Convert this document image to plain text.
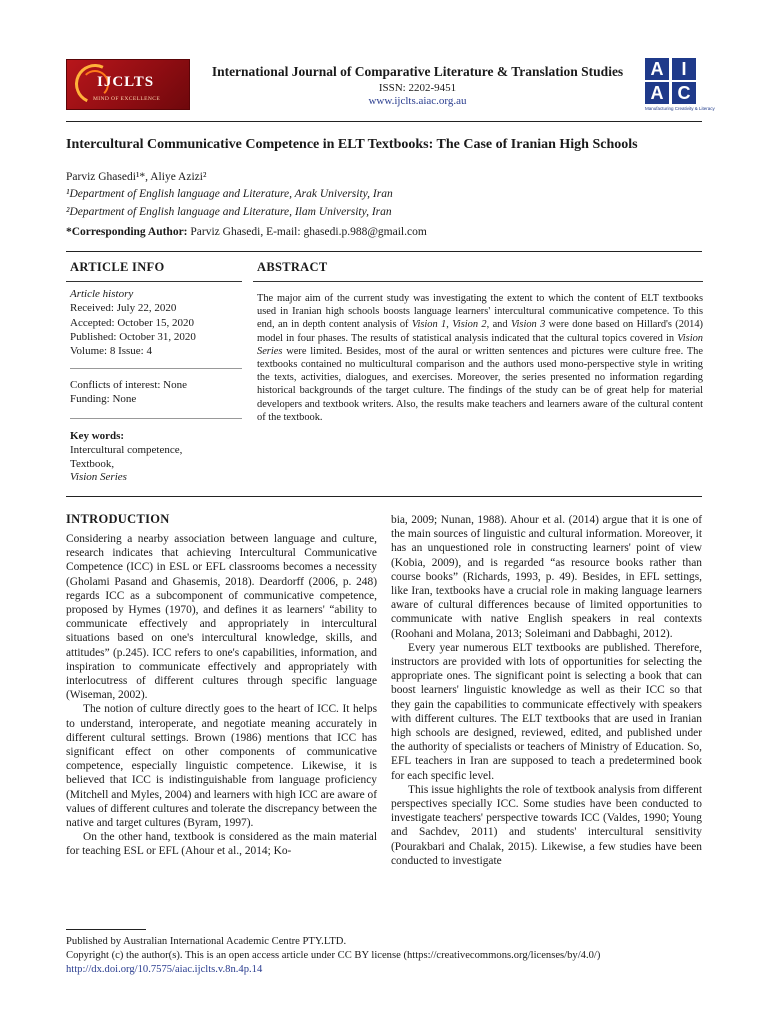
IJCLTS
MIND OF EXCELLENCE
International Journal of Comparative Literature & Translation Studies
ISSN: 2202-9451
www.ijclts.aiac.org.au
A I
A C
Manufacturing Creativity & Literacy
Intercultural Communicative Competence in ELT Textbooks: The Case of Iranian High Schools
Parviz Ghasedi¹*, Aliye Azizi²
¹Department of English language and Literature, Arak University, Iran
²Department of English language and Literature, Ilam University, Iran
*Corresponding Author: Parviz Ghasedi, E-mail: ghasedi.p.988@gmail.com
ARTICLE INFO
Article history
Received: July 22, 2020
Accepted: October 15, 2020
Published: October 31, 2020
Volume: 8 Issue: 4
Conflicts of interest: None
Funding: None
Key words:
Intercultural competence,
Textbook,
Vision Series
ABSTRACT
The major aim of the current study was investigating the extent to which the content of ELT textbooks used in Iranian high schools boosts language learners' intercultural communicative competence. To this end, an in depth content analysis of Vision 1, Vision 2, and Vision 3 were done based on Hillard's (2014) model in four phases. The results of statistical analysis indicated that the cultural topics covered in Vision Series were limited. Besides, most of the aural or written sentences and pictures were culture free. The textbooks contained no multicultural comparison and the authors used mono-perspective style in writing the texts, activities, dialogues, and exercises. Moreover, the series presented no information regarding historical backgrounds of the target culture. The findings of the study can be of great help for material developers and textbook writers. Also, the results make teachers and learners aware of the cultural content of the textbook.
INTRODUCTION

Considering a nearby association between language and culture, research indicates that achieving Intercultural Communicative Competence (ICC) in ESL or EFL classrooms becomes a necessity (Gholami Pasand and Ghasemis, 2018). Deardorff (2006, p. 248) regards ICC as a subcomponent of communicative competence, proposed by Hymes (1970), and defines it as learners' “ability to communicate effectively and appropriately in intercultural situations based on one's intercultural knowledge, skills, and attitudes” (p.245). ICC refers to one's capabilities, information, and inspiration to communicate effectively and appropriately with interlocutress of different cultures through specific language (Wiseman, 2002).

The notion of culture directly goes to the heart of ICC. It helps to understand, interoperate, and negotiate meaning accurately in different cultural settings. Brown (1986) mentions that ICC has significant effect on other components of communicative competence, especially linguistic competence. Likewise, it is believed that ICC is indistinguishable from language proficiency (Mitchell and Myles, 2004) and learners with high ICC are aware of values of different cultures and tolerate the discrepancy between the native and target cultures (Byram, 1997).

On the other hand, textbook is considered as the main material for teaching ESL or EFL (Ahour et al., 2014; Ko-

bia, 2009; Nunan, 1988). Ahour et al. (2014) argue that it is one of the main sources of linguistic and cultural information. Moreover, it has an unquestioned role in constructing learners' point of view (Kobia, 2009), and is regarded “as resource books rather than course books” (Richards, 1993, p. 49). Besides, in EFL settings, like Iran, textbooks have a crucial role in making language learners aware of cultural differences because of limited opportunities to communicate with native English speakers in real contexts (Roohani and Molana, 2013; Soleimani and Dabbaghi, 2012).

Every year numerous ELT textbooks are published. Therefore, instructors are provided with lots of opportunities for selecting the appropriate ones. The significant point is selecting a book that can boost learners' linguistic knowledge as well as their ICC so that they gain the capabilities to communicate effectively with speakers with different cultures. The ELT textbooks that are used in Iranian high schools are designed, reviewed, edited, and published under the authority of specialists or teachers of Ministry of Education. So, EFL teachers in Iran are supposed to teach a predetermined book for each specific level.

This issue highlights the role of textbook analysis from different perspectives specially ICC. Some studies have been conducted to investigate teachers' perspective towards ICC (Valdes, 1990; Young and Sachdev, 2011) and students' intercultural sensitivity (Pourakbari and Chalak, 2015). Likewise, a few studies have been conducted to investigate

Published by Australian International Academic Centre PTY.LTD.
Copyright (c) the author(s). This is an open access article under CC BY license (https://creativecommons.org/licenses/by/4.0/)
http://dx.doi.org/10.7575/aiac.ijclts.v.8n.4p.14
